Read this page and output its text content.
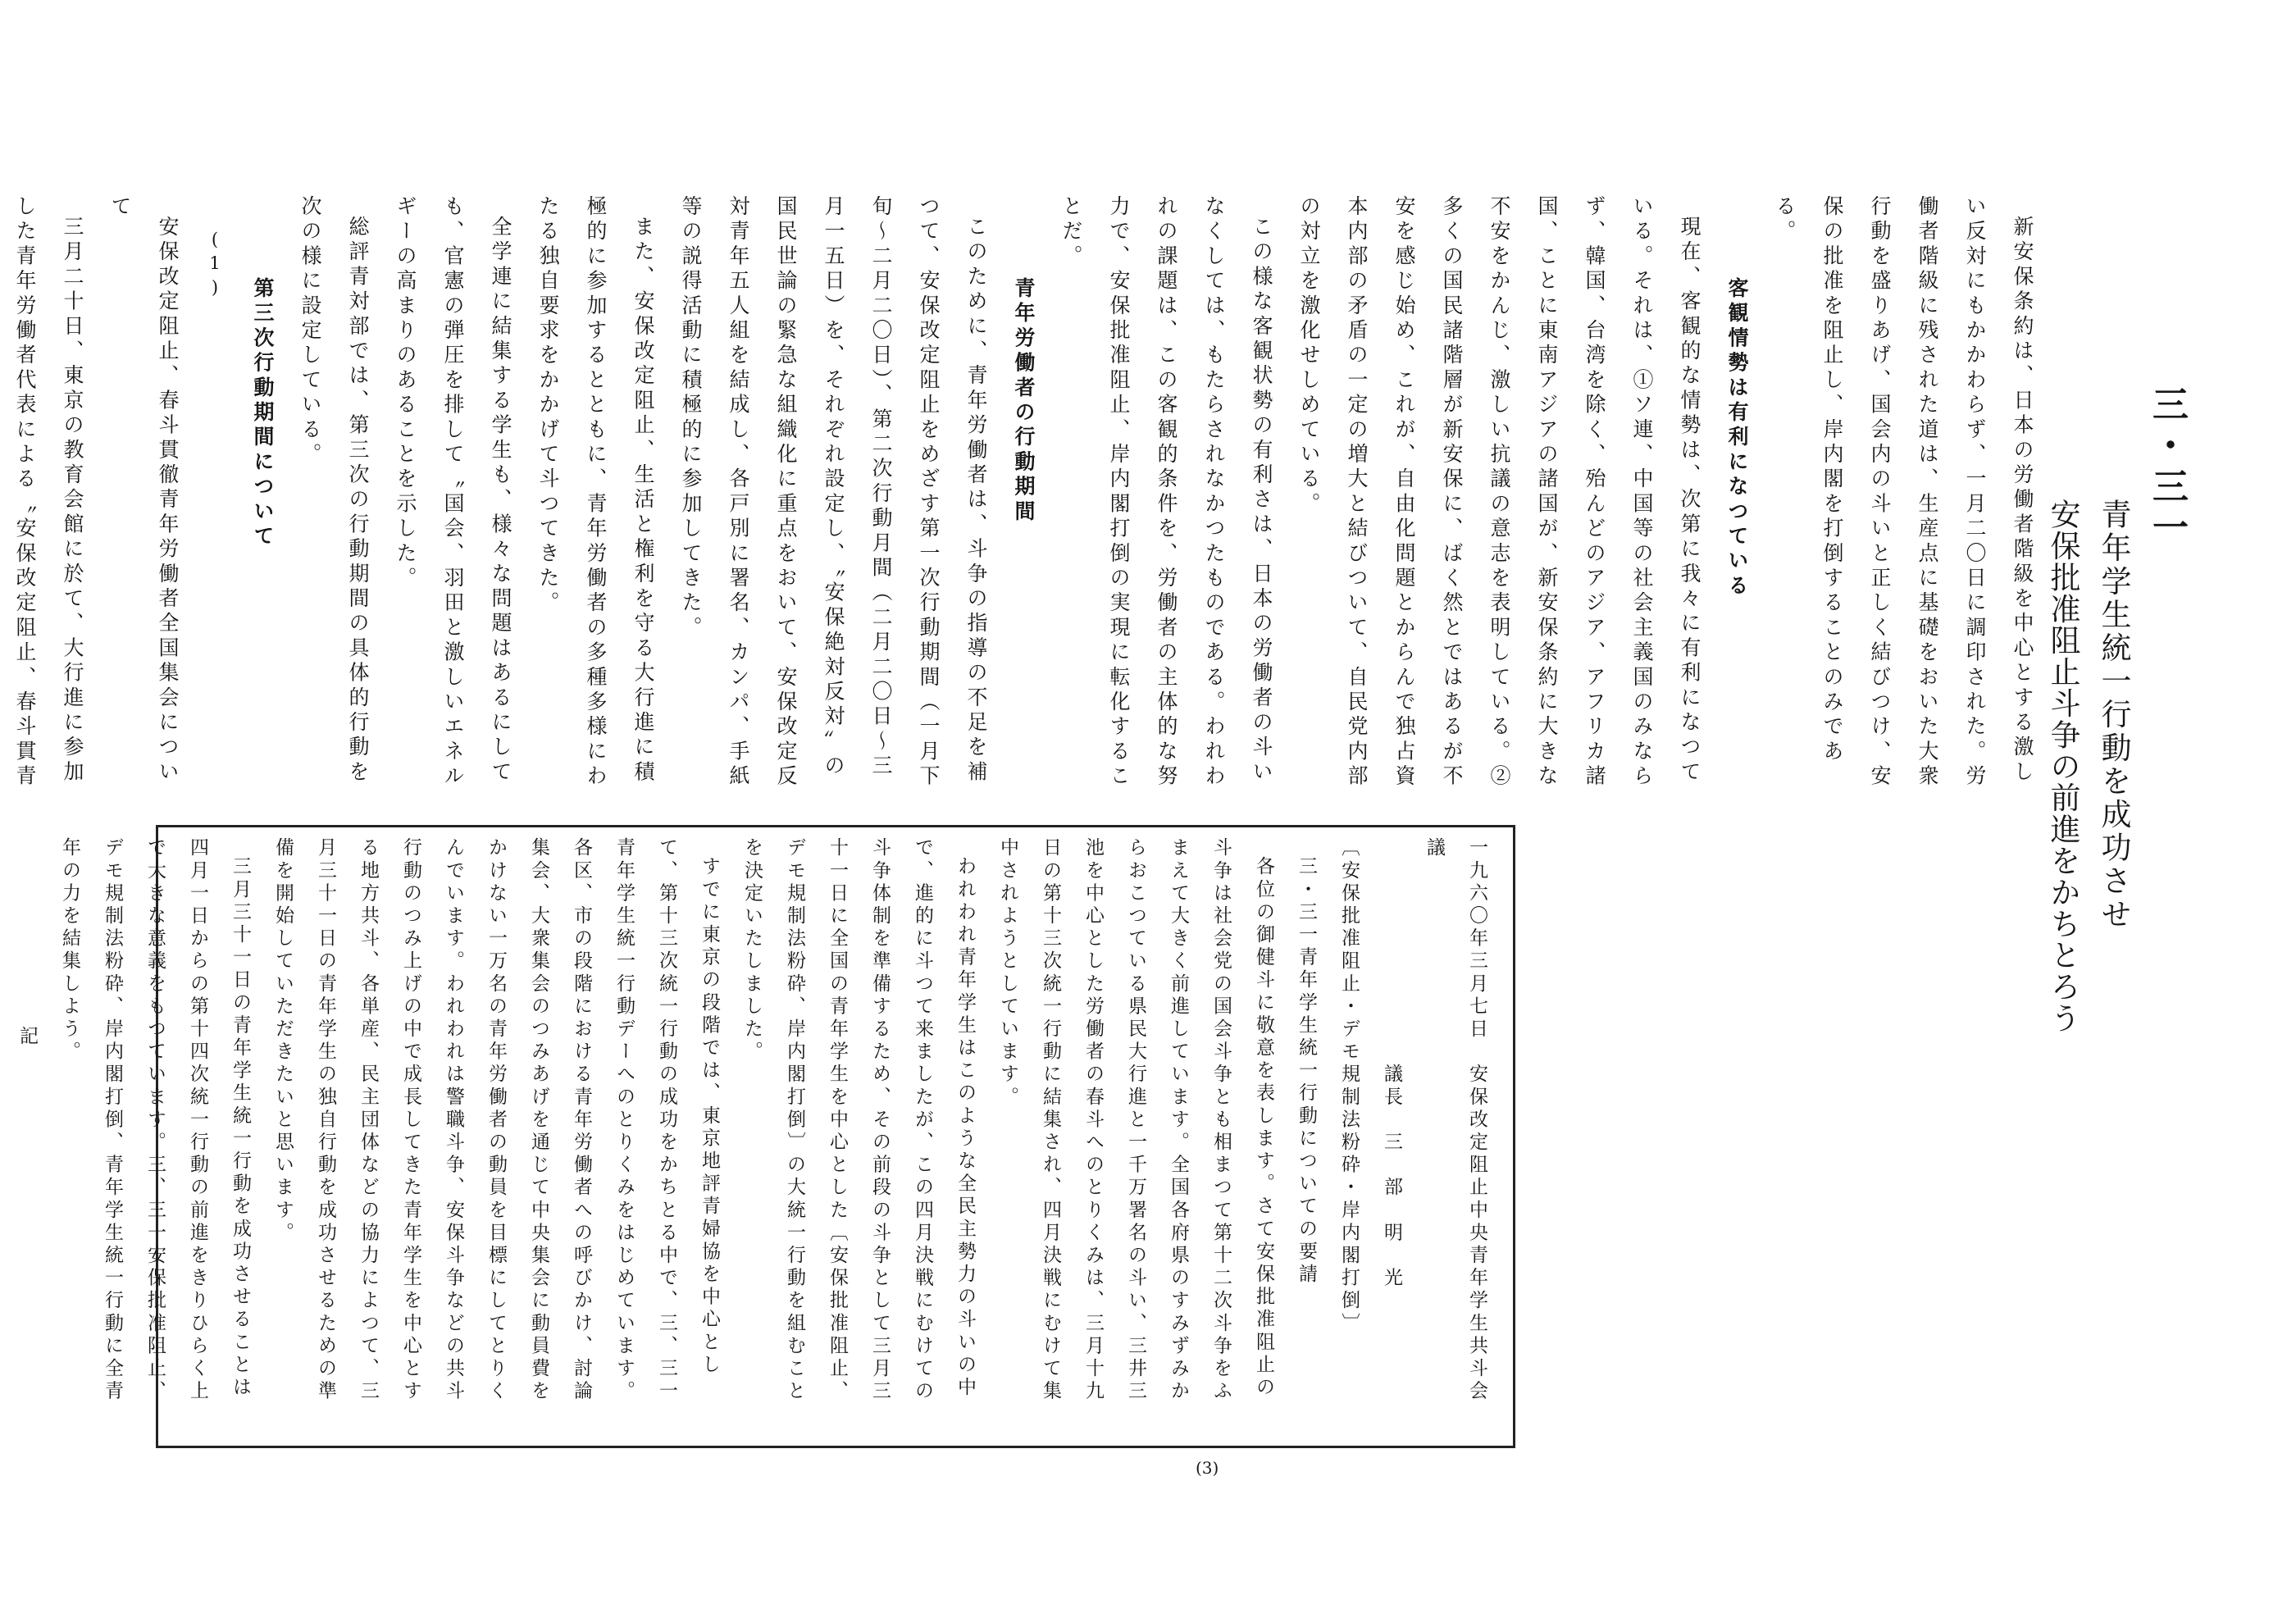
三・三一
青年学生統一行動を成功させ
安保批准阻止斗争の前進をかちとろう

新安保条約は、日本の労働者階級を中心とする激しい反対にもかかわらず、一月二〇日に調印された。労働者階級に残された道は、生産点に基礎をおいた大衆行動を盛りあげ、国会内の斗いと正しく結びつけ、安保の批准を阻止し、岸内閣を打倒することのみである。

客観情勢は有利になつている

現在、客観的な情勢は、次第に我々に有利になつている。それは、①ソ連、中国等の社会主義国のみならず、韓国、台湾を除く、殆んどのアジア、アフリカ諸国、ことに東南アジアの諸国が、新安保条約に大きな不安をかんじ、激しい抗議の意志を表明している。②多くの国民諸階層が新安保に、ばく然とではあるが不安を感じ始め、これが、自由化問題とからんで独占資本内部の矛盾の一定の増大と結びついて、自民党内部の対立を激化せしめている。

この様な客観状勢の有利さは、日本の労働者の斗いなくしては、もたらされなかつたものである。われわれの課題は、この客観的条件を、労働者の主体的な努力で、安保批准阻止、岸内閣打倒の実現に転化することだ。

青年労働者の行動期間

このために、青年労働者は、斗争の指導の不足を補つて、安保改定阻止をめざす第一次行動期間（一月下旬〜二月二〇日）、第二次行動月間（二月二〇日〜三月一五日）を、それぞれ設定し、〝安保絶対反対〟の国民世論の緊急な組織化に重点をおいて、安保改定反対青年五人組を結成し、各戸別に署名、カンパ、手紙等の説得活動に積極的に参加してきた。

また、安保改定阻止、生活と権利を守る大行進に積極的に参加するとともに、青年労働者の多種多様にわたる独自要求をかかげて斗つてきた。

全学連に結集する学生も、様々な問題はあるにしても、官憲の弾圧を排して〝国会、羽田と激しいエネルギーの高まりのあることを示した。

総評青対部では、第三次の行動期間の具体的行動を次の様に設定している。

第三次行動期間について

(1)

安保改定阻止、春斗貫徹青年労働者全国集会について

三月二十日、東京の教育会館に於て、大行進に参加した青年労働者代表による〝安保改定阻止、春斗貫青

一九六〇年三月七日　安保改定阻止中央青年学生共斗会議

議長　三　部　明　光

〔安保批准阻止・デモ規制法粉砕・岸内閣打倒〕

三・三一青年学生統一行動についての要請

各位の御健斗に敬意を表します。さて安保批准阻止の斗争は社会党の国会斗争とも相まつて第十二次斗争をふまえて大きく前進しています。全国各府県のすみずみからおこつている県民大行進と一千万署名の斗い、三井三池を中心とした労働者の春斗へのとりくみは、三月十九日の第十三次統一行動に結集され、四月決戦にむけて集中されようとしています。

われわれ青年学生はこのような全民主勢力の斗いの中で、進的に斗つて来ましたが、この四月決戦にむけての斗争体制を準備するため、その前段の斗争として三月三十一日に全国の青年学生を中心とした〔安保批准阻止、デモ規制法粉砕、岸内閣打倒〕の大統一行動を組むことを決定いたしました。

すでに東京の段階では、東京地評青婦協を中心として、第十三次統一行動の成功をかちとる中で、三、三一青年学生統一行動デーへのとりくみをはじめています。各区、市の段階における青年労働者への呼びかけ、討論集会、大衆集会のつみあげを通じて中央集会に動員費をかけない一万名の青年労働者の動員を目標にしてとりくんでいます。われわれは警職斗争、安保斗争などの共斗行動のつみ上げの中で成長してきた青年学生を中心とする地方共斗、各単産、民主団体などの協力によつて、三月三十一日の青年学生の独自行動を成功させるための準備を開始していただきたいと思います。

三月三十一日の青年学生統一行動を成功させることは四月一日からの第十四次統一行動の前進をきりひらく上で大きな意義をもつています。三、三一安保批准阻止、デモ規制法粉砕、岸内閣打倒、青年学生統一行動に全青年の力を結集しよう。

記

(3)
